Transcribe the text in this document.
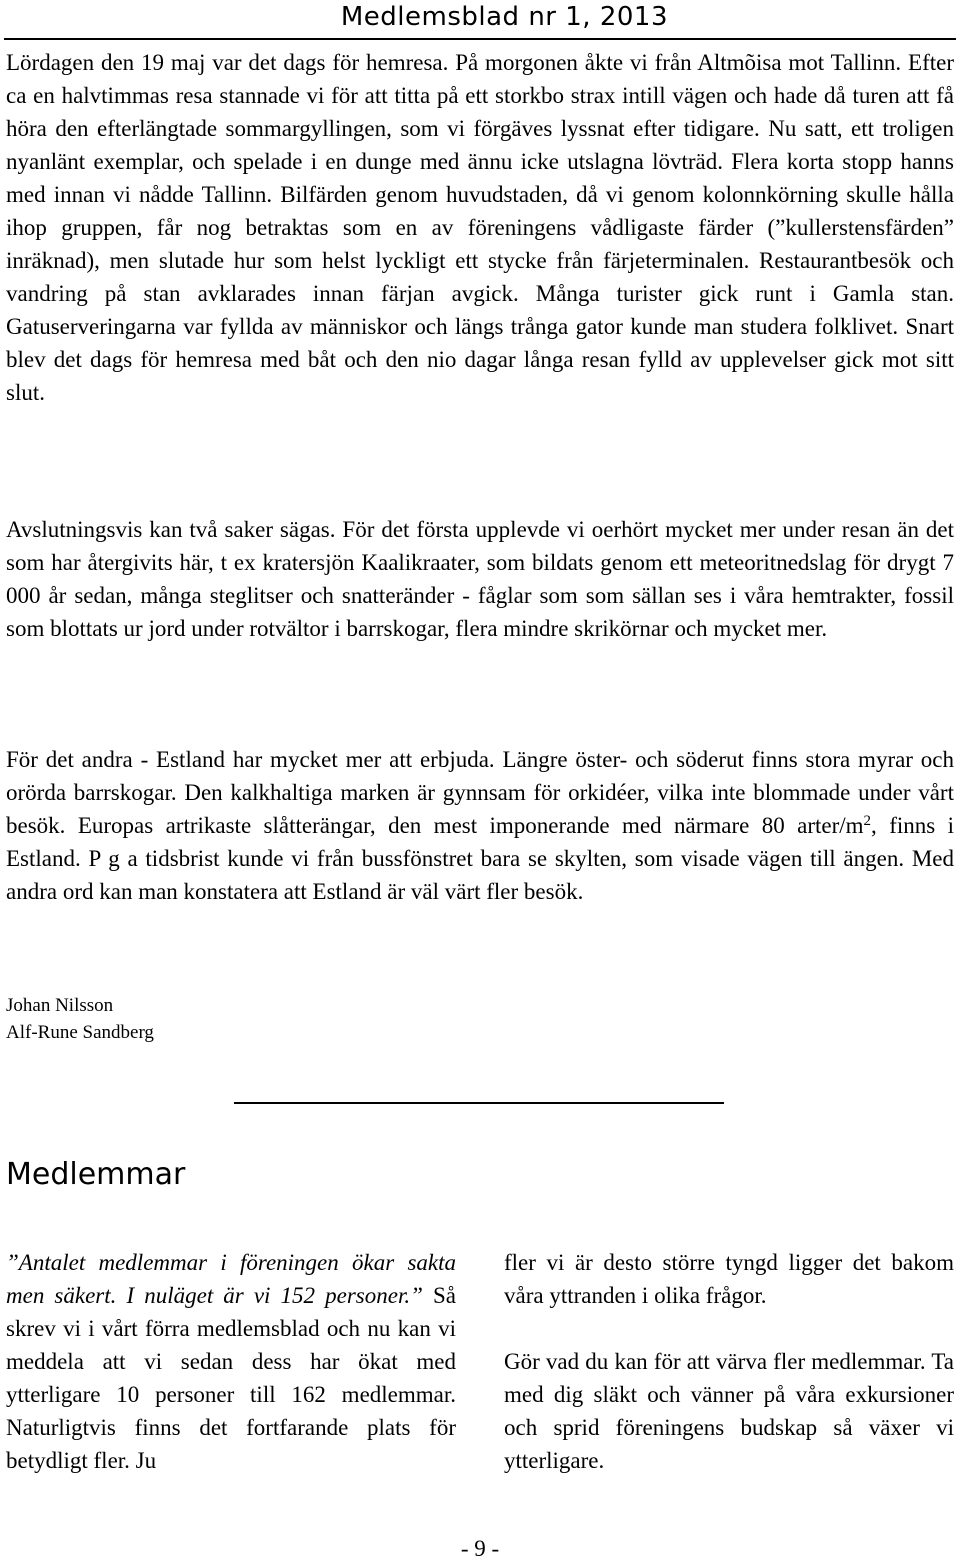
Medlemsblad nr 1, 2013

Lördagen den 19 maj var det dags för hemresa. På morgonen åkte vi från Altmõisa mot Tallinn. Efter ca en halvtimmas resa stannade vi för att titta på ett storkbo strax intill vägen och hade då turen att få höra den efterlängtade sommargyllingen, som vi förgäves lyssnat efter tidigare. Nu satt, ett troligen nyanlänt exemplar, och spelade i en dunge med ännu icke utslagna lövträd. Flera korta stopp hanns med innan vi nådde Tallinn. Bilfärden genom huvudstaden, då vi genom kolonnkörning skulle hålla ihop gruppen, får nog betraktas som en av föreningens vådligaste färder (”kullerstensfärden” inräknad), men slutade hur som helst lyckligt ett stycke från färjeterminalen. Restaurantbesök och vandring på stan avklarades innan färjan avgick. Många turister gick runt i Gamla stan. Gatuserveringarna var fyllda av människor och längs trånga gator kunde man studera folklivet. Snart blev det dags för hemresa med båt och den nio dagar långa resan fylld av upplevelser gick mot sitt slut.

Avslutningsvis kan två saker sägas. För det första upplevde vi oerhört mycket mer under resan än det som har återgivits här, t ex kratersjön Kaalikraater, som bildats genom ett meteoritnedslag för drygt 7 000 år sedan, många steglitser och snatteränder - fåglar som som sällan ses i våra hemtrakter, fossil som blottats ur jord under rotvältor i barrskogar, flera mindre skrikörnar och mycket mer.

För det andra - Estland har mycket mer att erbjuda. Längre öster- och söderut finns stora myrar och orörda barrskogar. Den kalkhaltiga marken är gynnsam för orkidéer, vilka inte blommade under vårt besök. Europas artrikaste slåtterängar, den mest imponerande med närmare 80 arter/$m^2$, finns i Estland. P g a tidsbrist kunde vi från bussfönstret bara se skylten, som visade vägen till ängen. Med andra ord kan man konstatera att Estland är väl värt fler besök.

Johan Nilsson
Alf-Rune Sandberg
Medlemmar

”Antalet medlemmar i föreningen ökar sakta men säkert. I nuläget är vi 152 personer.” Så skrev vi i vårt förra medlemsblad och nu kan vi meddela att vi sedan dess har ökat med ytterligare 10 personer till 162 medlemmar. Naturligtvis finns det fortfarande plats för betydligt fler. Ju

fler vi är desto större tyngd ligger det bakom våra yttranden i olika frågor.
Gör vad du kan för att värva fler medlemmar. Ta med dig släkt och vänner på våra exkursioner och sprid föreningens budskap så växer vi ytterligare.

- 9 -
